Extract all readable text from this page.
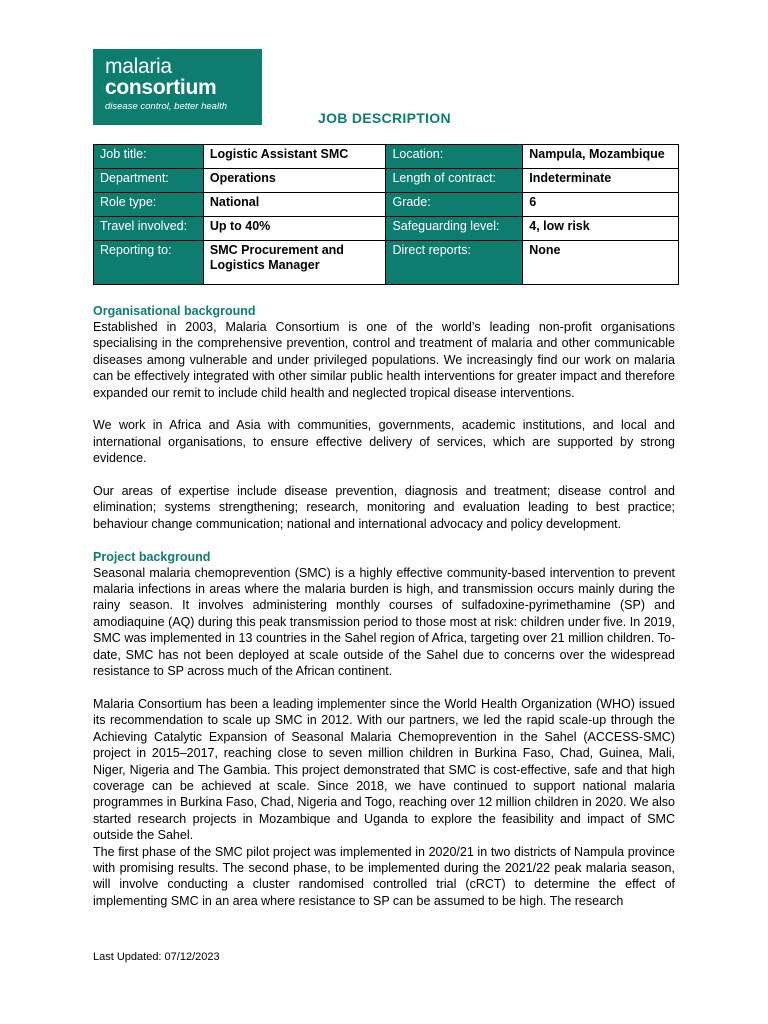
malaria
consortium
disease control, better health
JOB DESCRIPTION
Job title:	Logistic Assistant SMC	Location:	Nampula, Mozambique
Department:	Operations	Length of contract:	Indeterminate
Role type:	National	Grade:	6
Travel involved:	Up to 40%	Safeguarding level:	4, low risk
Reporting to:	SMC Procurement and Logistics Manager	Direct reports:	None
Organisational background

Established in 2003, Malaria Consortium is one of the world’s leading non-profit organisations specialising in the comprehensive prevention, control and treatment of malaria and other communicable diseases among vulnerable and under privileged populations. We increasingly find our work on malaria can be effectively integrated with other similar public health interventions for greater impact and therefore expanded our remit to include child health and neglected tropical disease interventions.

We work in Africa and Asia with communities, governments, academic institutions, and local and international organisations, to ensure effective delivery of services, which are supported by strong evidence.

Our areas of expertise include disease prevention, diagnosis and treatment; disease control and elimination; systems strengthening; research, monitoring and evaluation leading to best practice; behaviour change communication; national and international advocacy and policy development.

Project background

Seasonal malaria chemoprevention (SMC) is a highly effective community-based intervention to prevent malaria infections in areas where the malaria burden is high, and transmission occurs mainly during the rainy season. It involves administering monthly courses of sulfadoxine-pyrimethamine (SP) and amodiaquine (AQ) during this peak transmission period to those most at risk: children under five. In 2019, SMC was implemented in 13 countries in the Sahel region of Africa, targeting over 21 million children. To-date, SMC has not been deployed at scale outside of the Sahel due to concerns over the widespread resistance to SP across much of the African continent.

Malaria Consortium has been a leading implementer since the World Health Organization (WHO) issued its recommendation to scale up SMC in 2012. With our partners, we led the rapid scale-up through the Achieving Catalytic Expansion of Seasonal Malaria Chemoprevention in the Sahel (ACCESS-SMC) project in 2015–2017, reaching close to seven million children in Burkina Faso, Chad, Guinea, Mali, Niger, Nigeria and The Gambia. This project demonstrated that SMC is cost-effective, safe and that high coverage can be achieved at scale. Since 2018, we have continued to support national malaria programmes in Burkina Faso, Chad, Nigeria and Togo, reaching over 12 million children in 2020. We also started research projects in Mozambique and Uganda to explore the feasibility and impact of SMC outside the Sahel.

The first phase of the SMC pilot project was implemented in 2020/21 in two districts of Nampula province with promising results. The second phase, to be implemented during the 2021/22 peak malaria season, will involve conducting a cluster randomised controlled trial (cRCT) to determine the effect of implementing SMC in an area where resistance to SP can be assumed to be high. The research

Last Updated: 07/12/2023
